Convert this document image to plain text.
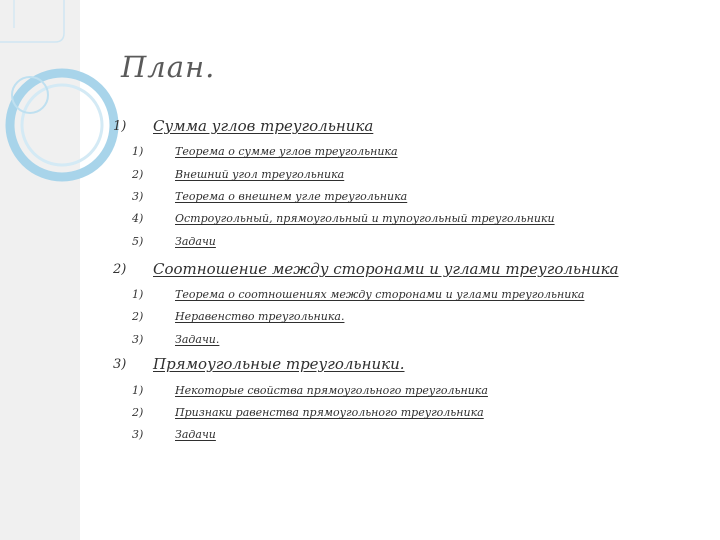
План.
1) Сумма углов треугольника
1)	Теорема о сумме углов треугольника
2)	Внешний угол треугольника
3)	Теорема о внешнем угле треугольника
4)	Остроугольный, прямоугольный и тупоугольный треугольники
5)	Задачи
2) Соотношение между сторонами и углами треугольника
1)	Теорема о соотношениях между сторонами и углами треугольника
2)	Неравенство треугольника.
3)	Задачи.
3) Прямоугольные треугольники.
1)	Некоторые свойства прямоугольного треугольника
2)	Признаки равенства прямоугольного треугольника
3)	Задачи
